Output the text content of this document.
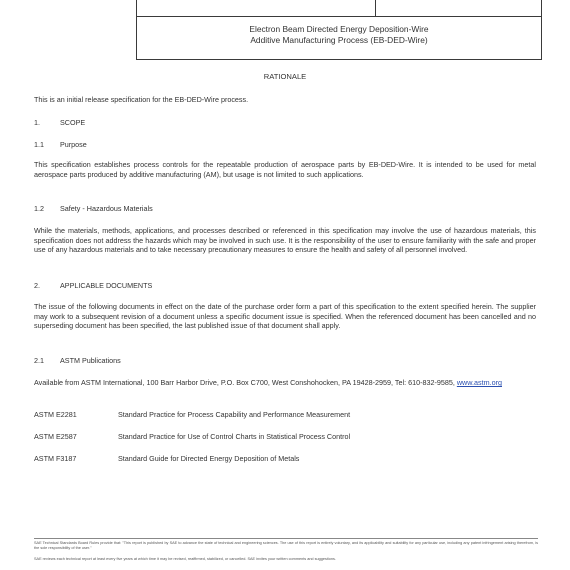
Electron Beam Directed Energy Deposition-Wire
Additive Manufacturing Process (EB-DED-Wire)
RATIONALE
This is an initial release specification for the EB-DED-Wire process.
1.	SCOPE
1.1 Purpose
This specification establishes process controls for the repeatable production of aerospace parts by EB-DED-Wire. It is intended to be used for metal aerospace parts produced by additive manufacturing (AM), but usage is not limited to such applications.
1.2 Safety - Hazardous Materials
While the materials, methods, applications, and processes described or referenced in this specification may involve the use of hazardous materials, this specification does not address the hazards which may be involved in such use. It is the responsibility of the user to ensure familiarity with the safe and proper use of any hazardous materials and to take necessary precautionary measures to ensure the health and safety of all personnel involved.
2.	APPLICABLE DOCUMENTS
The issue of the following documents in effect on the date of the purchase order form a part of this specification to the extent specified herein. The supplier may work to a subsequent revision of a document unless a specific document issue is specified. When the referenced document has been cancelled and no superseding document has been specified, the last published issue of that document shall apply.
2.1 ASTM Publications
Available from ASTM International, 100 Barr Harbor Drive, P.O. Box C700, West Conshohocken, PA 19428-2959, Tel: 610-832-9585, www.astm.org
ASTM E2281	Standard Practice for Process Capability and Performance Measurement
ASTM E2587	Standard Practice for Use of Control Charts in Statistical Process Control
ASTM F3187	Standard Guide for Directed Energy Deposition of Metals
SAE Technical Standards Board Rules provide that: "This report is published by SAE to advance the state of technical and engineering sciences. The use of this report is entirely voluntary, and its applicability and suitability for any particular use, including any patent infringement arising therefrom, is the sole responsibility of the user."
SAE reviews each technical report at least every five years at which time it may be revised, reaffirmed, stabilized, or cancelled. SAE invites your written comments and suggestions.
